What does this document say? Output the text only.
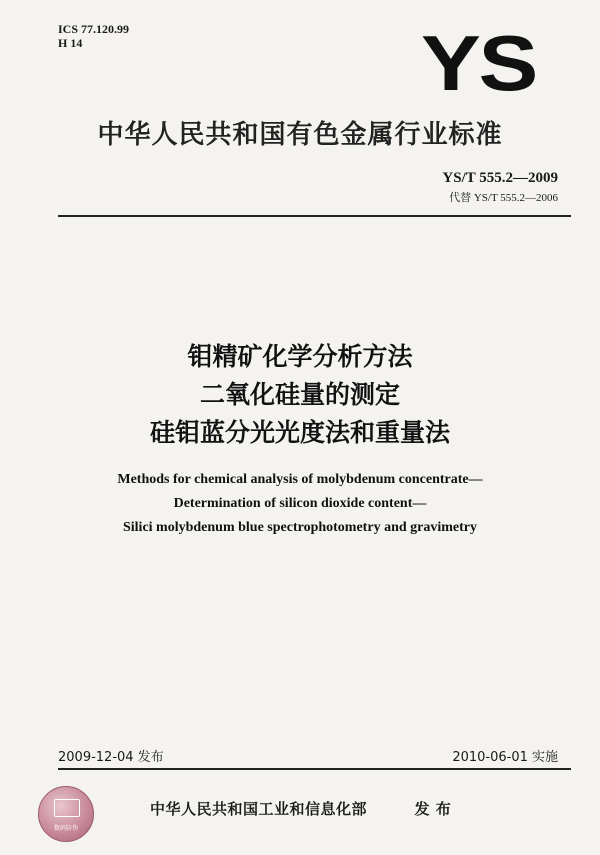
ICS 77.120.99
H 14	YS
中华人民共和国有色金属行业标准
YS/T 555.2—2009
代替 YS/T 555.2—2006
钼精矿化学分析方法
二氧化硅量的测定
硅钼蓝分光光度法和重量法
Methods for chemical analysis of molybdenum concentrate—
Determination of silicon dioxide content—
Silici molybdenum blue spectrophotometry and gravimetry
2009-12-04 发布	2010-06-01 实施
数码防伪
中华人民共和国工业和信息化部	发 布
